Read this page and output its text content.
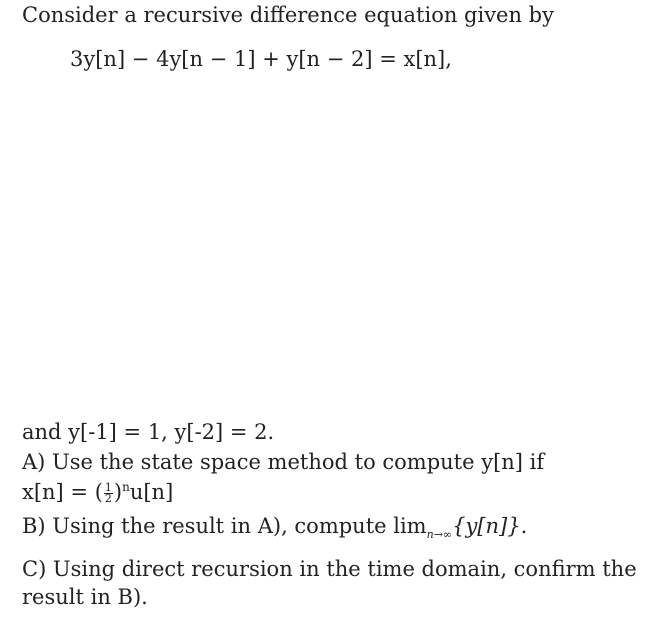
Consider a recursive difference equation given by
3y[n] − 4y[n − 1] + y[n − 2] = x[n],
and y[-1] = 1, y[-2] = 2.
A) Use the state space method to compute y[n] if
x[n] = ( $\frac{1}{2} )^nu[n]$
B) Using the result in A), compute $\lim_{n\to\infty}\{y[n]\}$.
C) Using direct recursion in the time domain, confirm the
result in B).
